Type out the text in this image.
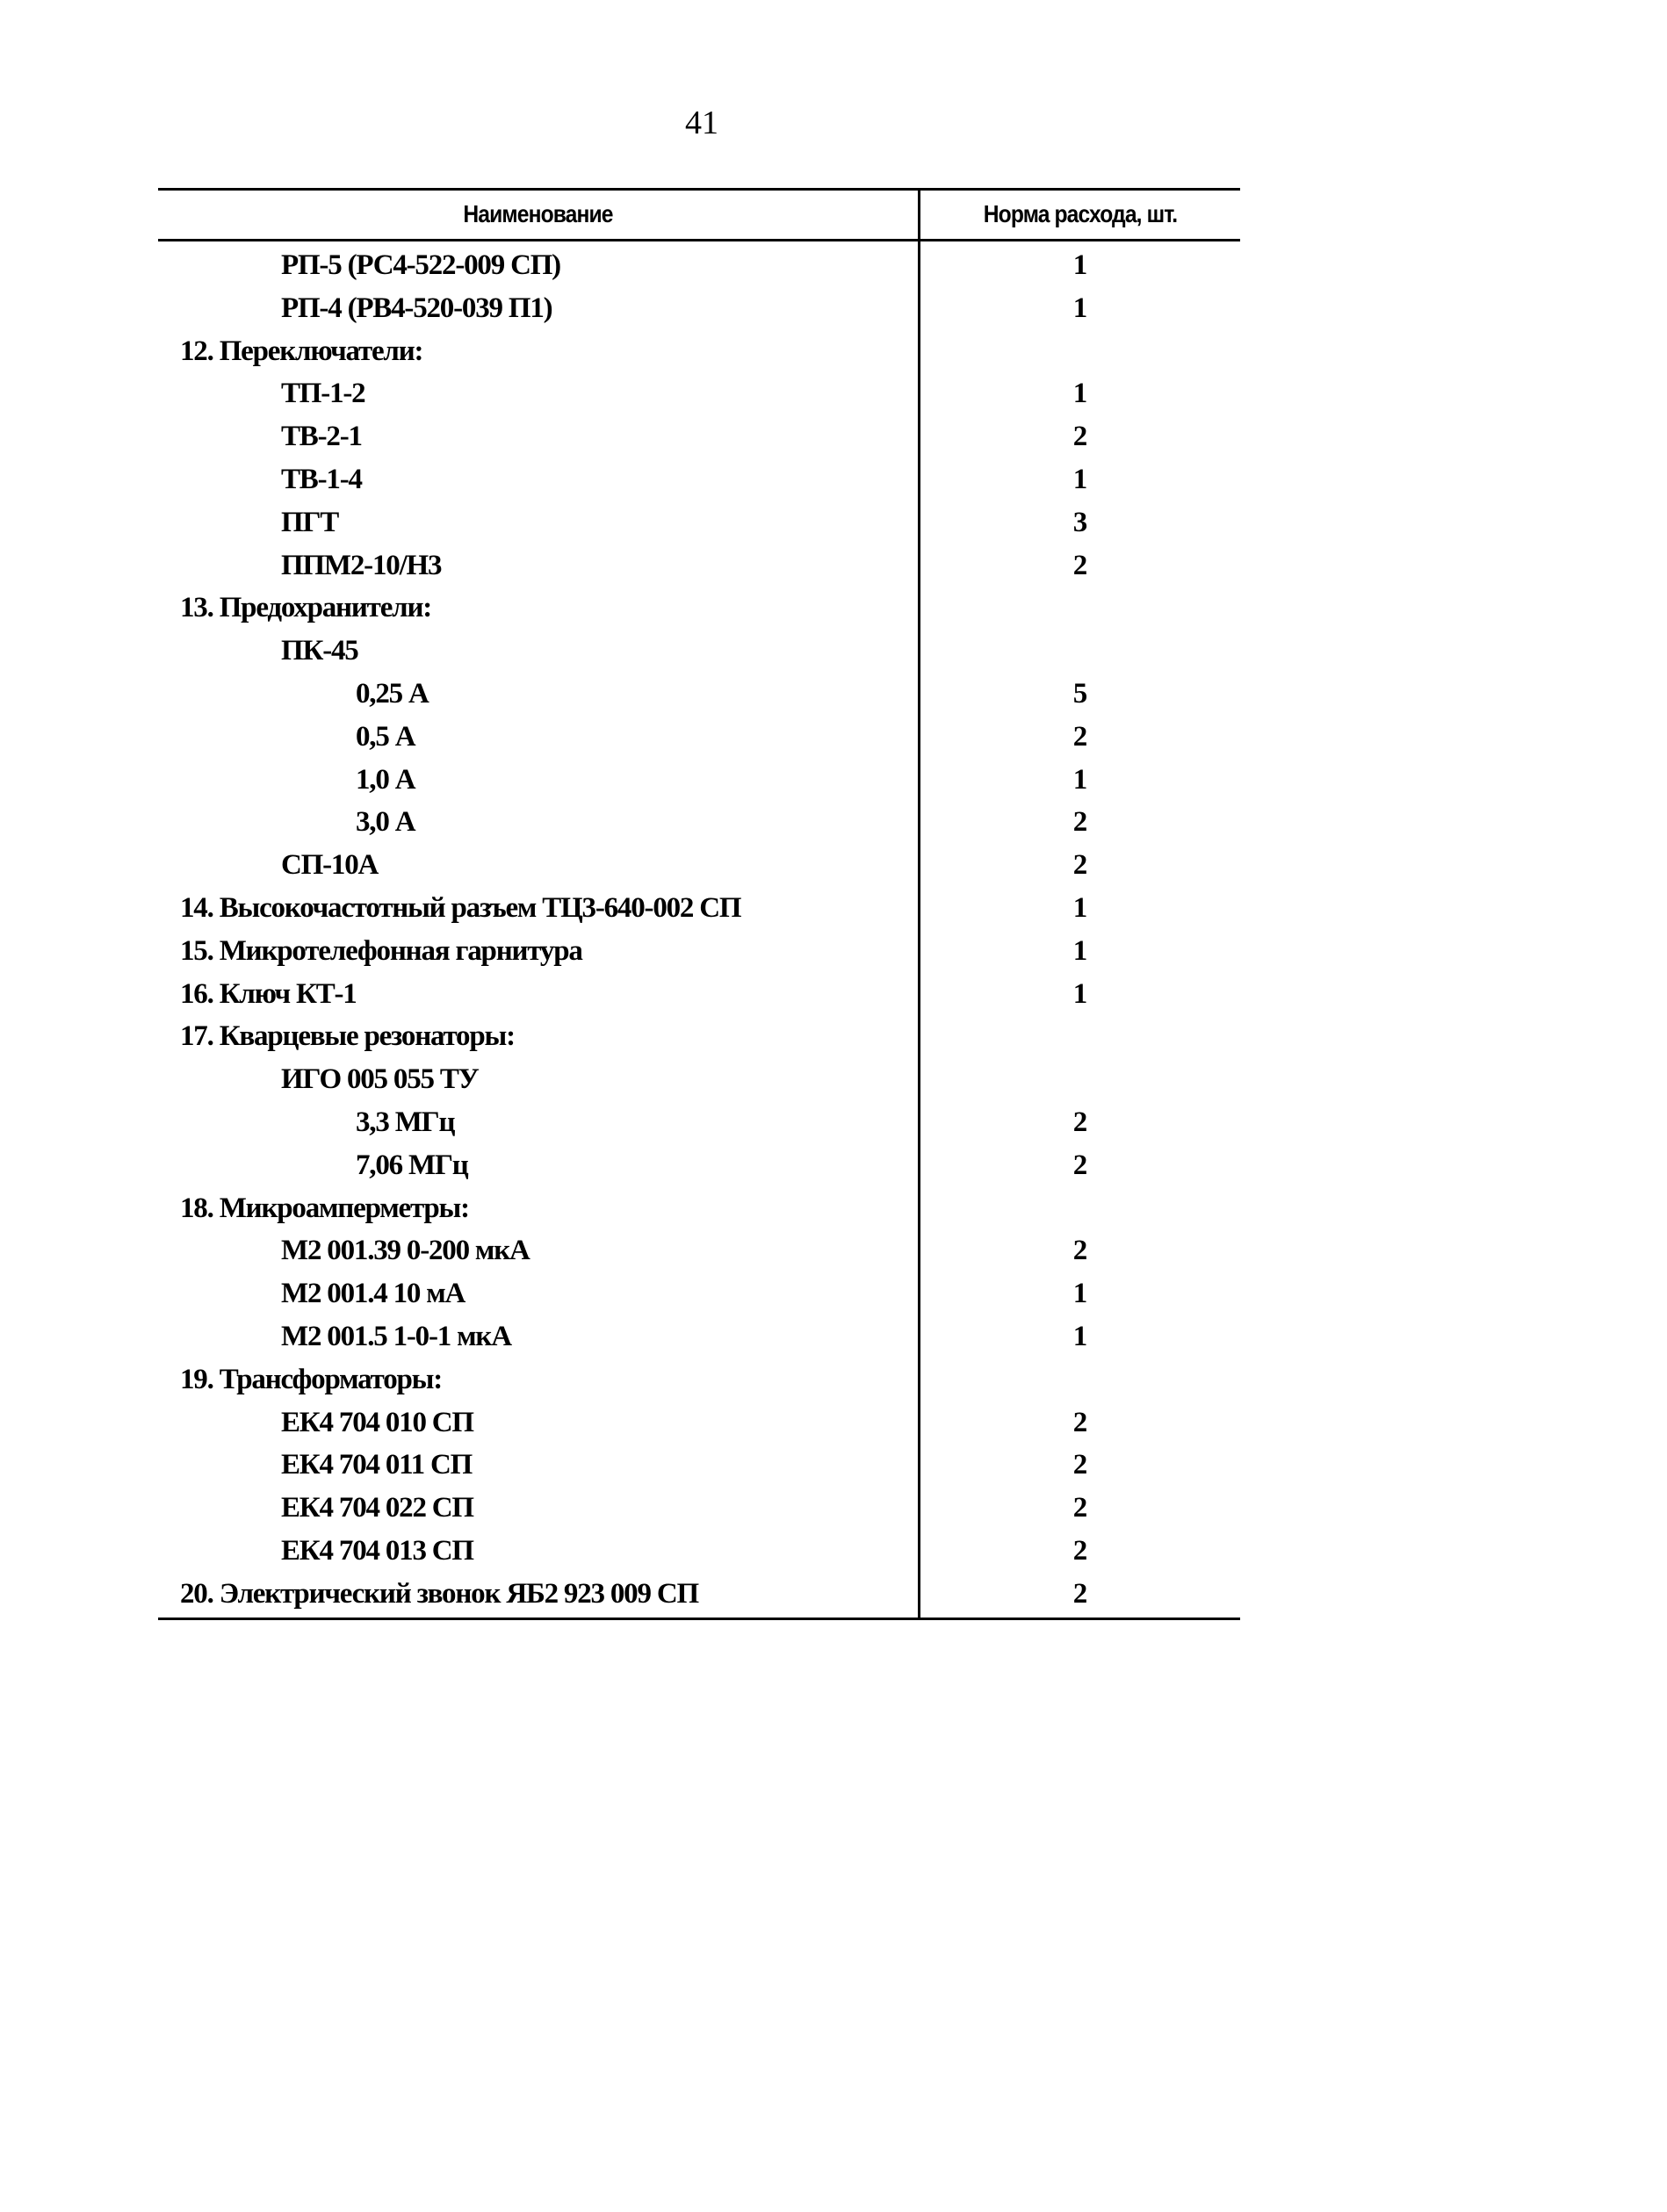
41
Наименование	Норма расхода, шт.
РП-5 (РС4-522-009 СП)	1
РП-4 (РВ4-520-039 П1)	1
12. Переключатели:
ТП-1-2	1
ТВ-2-1	2
ТВ-1-4	1
ПГТ	3
ППМ2-10/Н3	2
13. Предохранители:
ПК-45
0,25 А	5
0,5 А	2
1,0 А	1
3,0 А	2
СП-10А	2
14. Высокочастотный разъем ТЦ3-640-002 СП	1
15. Микротелефонная гарнитура	1
16. Ключ КТ-1	1
17. Кварцевые резонаторы:
ИГО 005 055 ТУ
3,3 МГц	2
7,06 МГц	2
18. Микроамперметры:
М2 001.39 0-200 мкА	2
М2 001.4 10 мА	1
М2 001.5 1-0-1 мкА	1
19. Трансформаторы:
ЕК4 704 010 СП	2
ЕК4 704 011 СП	2
ЕК4 704 022 СП	2
ЕК4 704 013 СП	2
20. Электрический звонок ЯБ2 923 009 СП	2
